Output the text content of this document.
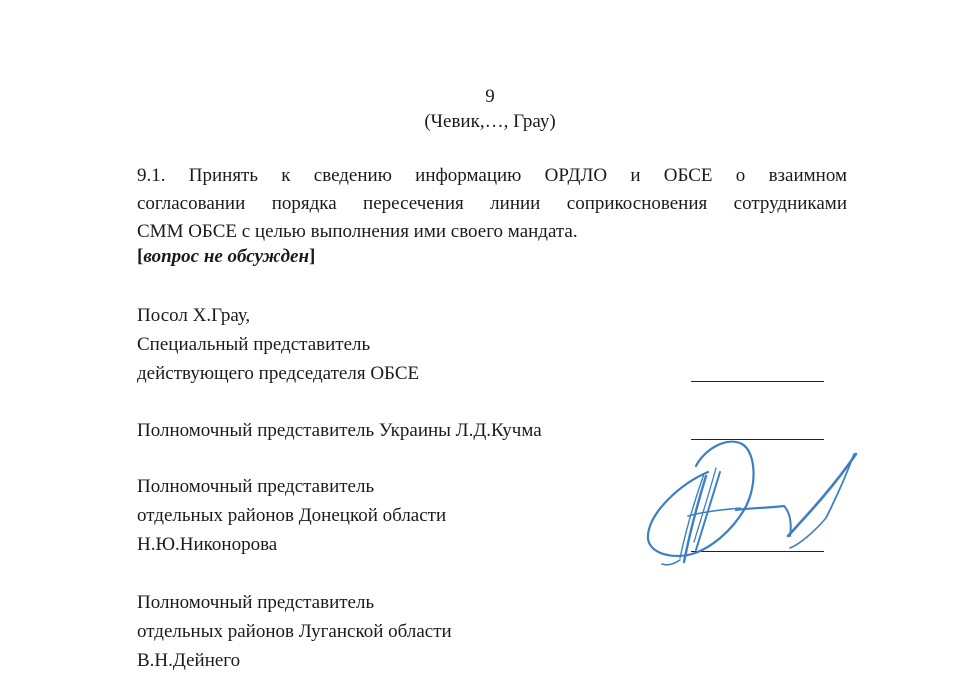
9
(Чевик,…, Грау)
9.1. Принять к сведению информацию ОРДЛО и ОБСЕ о взаимном
согласовании порядка пересечения линии соприкосновения сотрудниками
СММ ОБСЕ с целью выполнения ими своего мандата.
[вопрос не обсужден]
Посол Х.Грау,
Специальный представитель
действующего председателя ОБСЕ
Полномочный представитель Украины Л.Д.Кучма
Полномочный представитель
отдельных районов Донецкой области
Н.Ю.Никонорова
Полномочный представитель
отдельных районов Луганской области
В.Н.Дейнего
